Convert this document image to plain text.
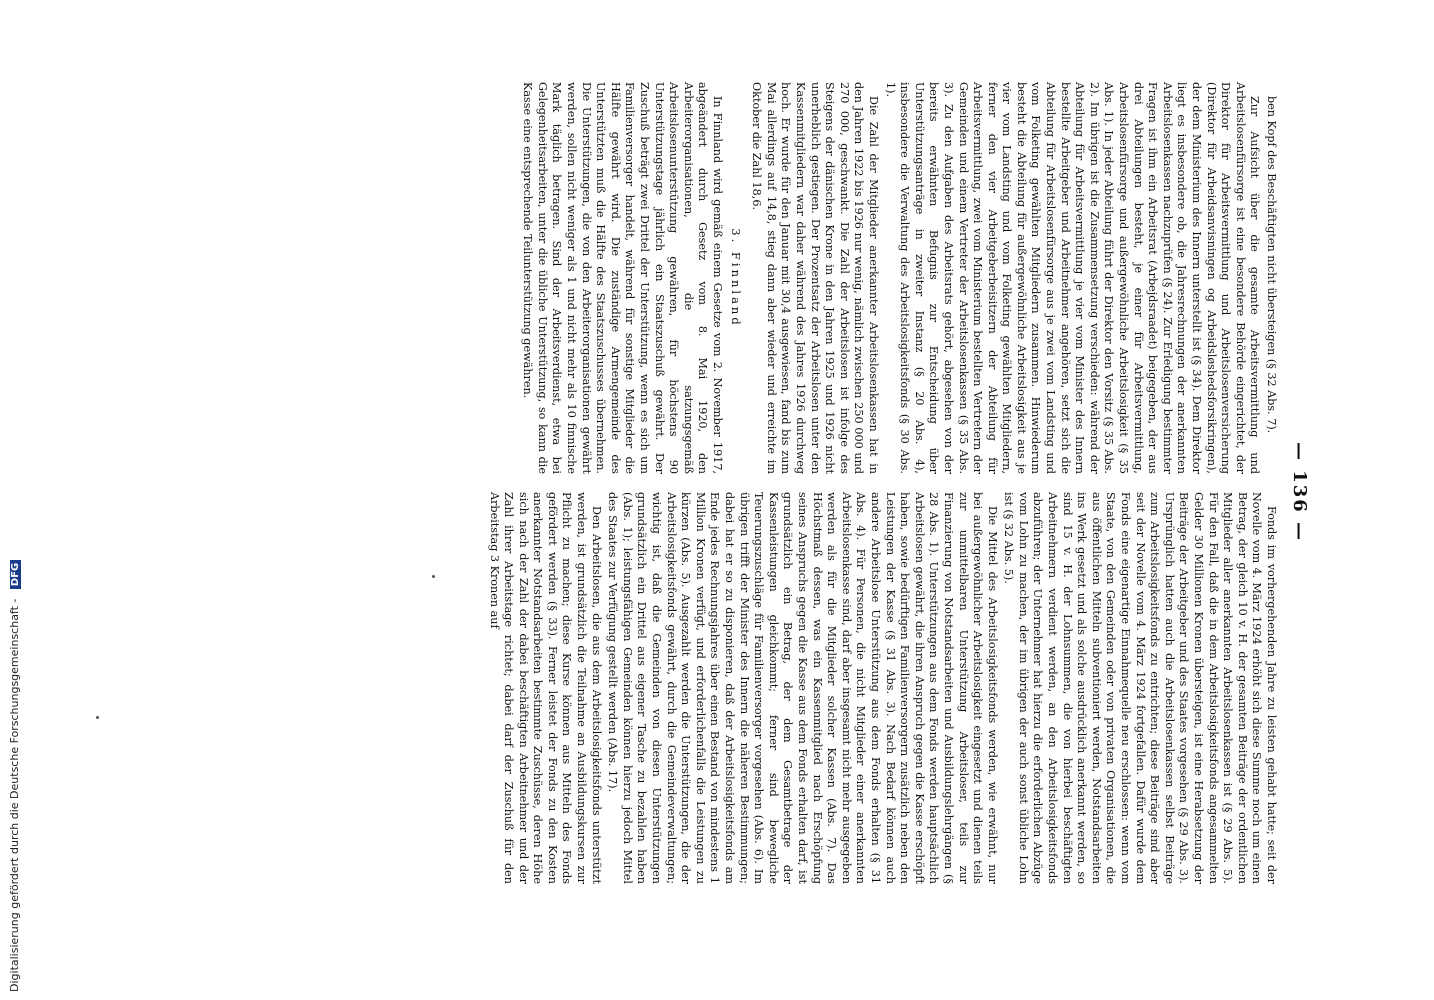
Digitalisierung gefördert durch die Deutsche Forschungsgemeinschaft - DFG
— 136 —

ben Kopf des Beschäftigten nicht übersteigen (§ 32 Abs. 7).

Zur Aufsicht über die gesamte Arbeitsvermittlung und Arbeitslosenfürsorge ist eine besondere Behörde eingerichtet, der Direktor für Arbeitsvermittlung und Arbeitslosenversicherung (Direktor für Arbeidsanvisningen og Arbeidsløshedsforsikringen), der dem Ministerium des Innern unterstellt ist (§ 34). Dem Direktor liegt es insbesondere ob, die Jahresrechnungen der anerkannten Arbeitslosenkassen nachzuprüfen (§ 24). Zur Erledigung bestimmter Fragen ist ihm ein Arbeitsrat (Arbejdsraadet) beigegeben, der aus drei Abteilungen besteht, je einer für Arbeitsvermittlung, Arbeitslosenfürsorge und außergewöhnliche Arbeitslosigkeit (§ 35 Abs. 1). In jeder Abteilung führt der Direktor den Vorsitz (§ 35 Abs. 2). Im übrigen ist die Zusammensetzung verschieden: während der Abteilung für Arbeitsvermittlung je vier vom Minister des Innern bestellte Arbeitgeber und Arbeitnehmer angehören, setzt sich die Abteilung für Arbeitslosenfürsorge aus je zwei vom Landsting und vom Folketing gewählten Mitgliedern zusammen. Hinwiederum besteht die Abteilung für außergewöhnliche Arbeitslosigkeit aus je vier vom Landsting und vom Folketing gewählten Mitgliedern, ferner den vier Arbeitgeberbeisitzern der Abteilung für Arbeitsvermittlung, zwei vom Ministerium bestellten Vertretern der Gemeinden und einem Vertreter der Arbeitslosenkassen (§ 35 Abs. 3). Zu den Aufgaben des Arbeitsrats gehört, abgesehen von der bereits erwähnten Befugnis zur Entscheidung über Unterstützungsanträge in zweiter Instanz (§ 20 Abs. 4), insbesondere die Verwaltung des Arbeitslosigkeitsfonds (§ 30 Abs. 1).

Die Zahl der Mitglieder anerkannter Arbeitslosenkassen hat in den Jahren 1922 bis 1926 nur wenig, nämlich zwischen 250 000 und 270 000, geschwankt. Die Zahl der Arbeitslosen ist infolge des Steigens der dänischen Krone in den Jahren 1925 und 1926 nicht unerheblich gestiegen. Der Prozentsatz der Arbeitslosen unter den Kassenmitgliedern war daher während des Jahres 1926 durchweg hoch. Er wurde für den Januar mit 30,4 ausgewiesen, fand bis zum Mai allerdings auf 14,8, stieg dann aber wieder und erreichte im Oktober die Zahl 18,6.

3. Finnland

In Finnland wird gemäß einem Gesetze vom 2. November 1917, abgeändert durch Gesetz vom 8. Mai 1920, den Arbeiterorganisationen, die satzungsgemäß Arbeitslosenunterstützung gewähren, für höchstens 90 Unterstützungstage jährlich ein Staatszuschuß gewährt. Der Zuschuß beträgt zwei Drittel der Unterstützung, wenn es sich um Familienversorger handelt, während für sonstige Mitglieder die Hälfte gewährt wird. Die zuständige Armengemeinde des Unterstützten muß die Hälfte des Staatszuschusses übernehmen. Die Unterstützungen, die von den Arbeiterorganisationen gewährt werden, sollen nicht weniger als 1 und nicht mehr als 10 finnische Mark täglich betragen. Sind der Arbeitsverdienst, etwa bei Gelegenheitsarbeiten, unter die übliche Unterstützung, so kann die Kasse eine entsprechende Teilunterstützung gewähren.

Fonds im vorhergehenden Jahre zu leisten gehabt hatte; seit der Novelle vom 4. März 1924 erhöht sich diese Summe noch um einen Betrag, der gleich 10 v. H. der gesamten Beiträge der ordentlichen Mitglieder aller anerkannten Arbeitslosenkassen ist (§ 29 Abs. 5). Für den Fall, daß die in dem Arbeitslosigkeitsfonds angesammelten Gelder 30 Millionen Kronen übersteigen, ist eine Herabsetzung der Beiträge der Arbeitgeber und des Staates vorgesehen (§ 29 Abs. 3). Ursprünglich hatten auch die Arbeitslosenkassen selbst Beiträge zum Arbeitslosigkeitsfonds zu entrichten; diese Beiträge sind aber seit der Novelle vom 4. März 1924 fortgefallen. Dafür wurde dem Fonds eine eigenartige Einnahmequelle neu erschlossen: wenn vom Staate, von den Gemeinden oder von privaten Organisationen, die aus öffentlichen Mitteln subventioniert werden, Notstandsarbeiten ins Werk gesetzt und als solche ausdrücklich anerkannt werden, so sind 15 v. H. der Lohnsummen, die von hierbei beschäftigten Arbeitnehmern verdient werden, an den Arbeitslosigkeitsfonds abzuführen; der Unternehmer hat hierzu die erforderlichen Abzüge vom Lohn zu machen, der im übrigen der auch sonst übliche Lohn ist (§ 32 Abs. 5).

Die Mittel des Arbeitslosigkeitsfonds werden, wie erwähnt, nur bei außergewöhnlicher Arbeitslosigkeit eingesetzt und dienen teils zur unmittelbaren Unterstützung Arbeitsloser, teils zur Finanzierung von Notstandsarbeiten und Ausbildungslehrgängen (§ 28 Abs. 1). Unterstützungen aus dem Fonds werden hauptsächlich Arbeitslosen gewährt, die ihren Anspruch gegen die Kasse erschöpft haben, sowie bedürftigen Familienversorgern zusätzlich neben den Leistungen der Kasse (§ 31 Abs. 3). Nach Bedarf können auch andere Arbeitslose Unterstützung aus dem Fonds erhalten (§ 31 Abs. 4). Für Personen, die nicht Mitglieder einer anerkannten Arbeitslosenkasse sind, darf aber insgesamt nicht mehr ausgegeben werden als für die Mitglieder solcher Kassen (Abs. 7). Das Höchstmaß dessen, was ein Kassenmitglied nach Erschöpfung seines Anspruchs gegen die Kasse aus dem Fonds erhalten darf, ist grundsätzlich ein Betrag, der dem Gesamtbetrage der Kassenleistungen gleichkommt; ferner sind bewegliche Teuerungszuschläge für Familienversorger vorgesehen (Abs. 6). Im übrigen trifft der Minister des Innern die näheren Bestimmungen; dabei hat er so zu disponieren, daß der Arbeitslosigkeitsfonds am Ende jedes Rechnungsjahres über einen Bestand von mindestens 1 Million Kronen verfügt, und erforderlichenfalls die Leistungen zu kürzen (Abs. 5). Ausgezahlt werden die Unterstützungen, die der Arbeitslosigkeitsfonds gewährt, durch die Gemeindeverwaltungen; wichtig ist, daß die Gemeinden von diesen Unterstützungen grundsätzlich ein Drittel aus eigener Tasche zu bezahlen haben (Abs. 1); leistungsfähigen Gemeinden können hierzu jedoch Mittel des Staates zur Verfügung gestellt werden (Abs. 17).

Den Arbeitslosen, die aus dem Arbeitslosigkeitsfonds unterstützt werden, ist grundsätzlich die Teilnahme an Ausbildungskursen zur Pflicht zu machen; diese Kurse können aus Mitteln des Fonds gefördert werden (§ 33). Ferner leistet der Fonds zu den Kosten anerkannter Notstandsarbeiten bestimmte Zuschüsse, deren Höhe sich nach der Zahl der dabei beschäftigten Arbeitnehmer und der Zahl ihrer Arbeitstage richtet; dabei darf der Zuschuß für den Arbeitstag 3 Kronen auf
